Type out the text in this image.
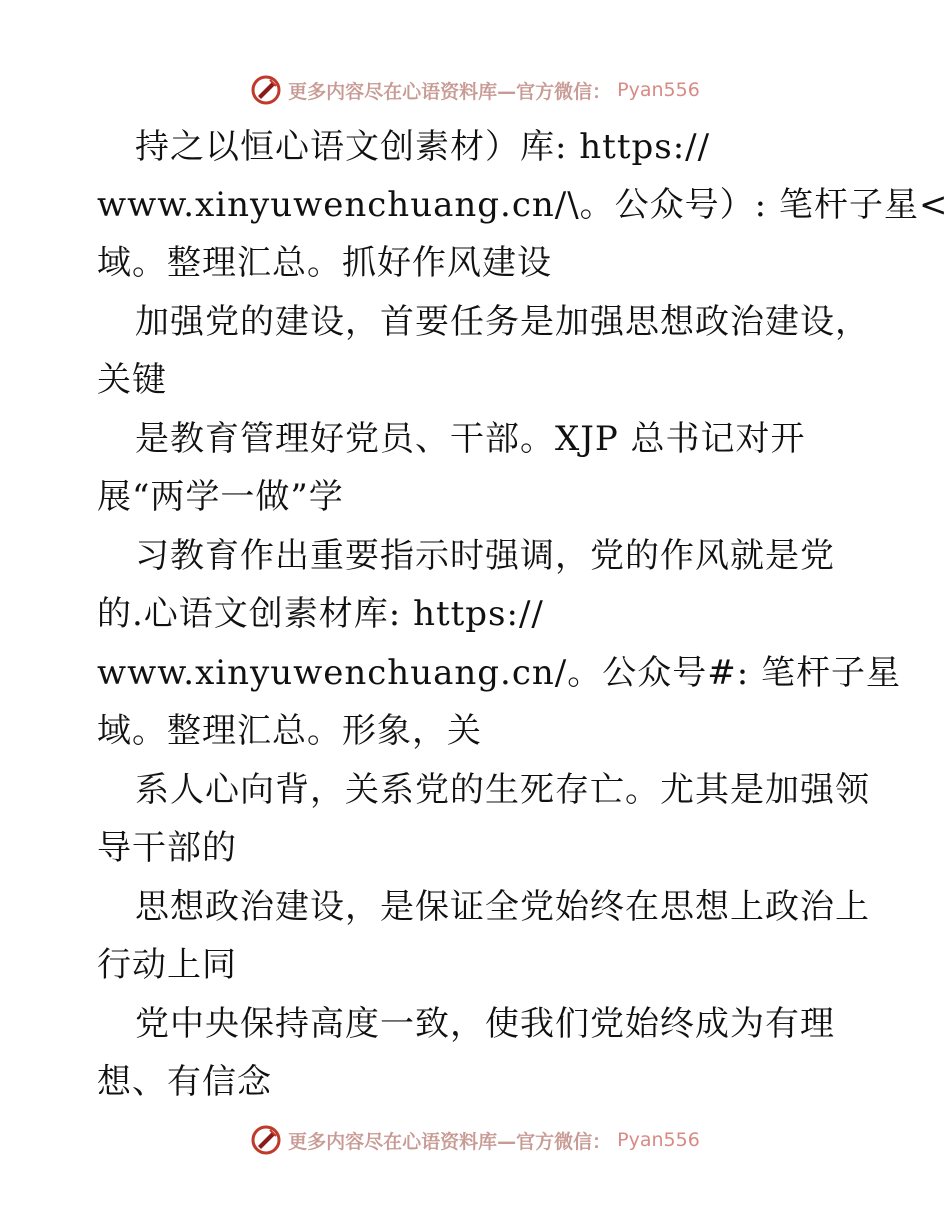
更多内容尽在心语资料库—官方微信： Pyan556
持之以恒心语文创素材）库: https://
www.xinyuwenchuang.cn/\。公众号）: 笔杆子星<
域。整理汇总。抓好作风建设
加强党的建设，首要任务是加强思想政治建设，
关键
是教育管理好党员、干部。XJP 总书记对开
展“两学一做”学
习教育作出重要指示时强调，党的作风就是党
的.心语文创素材库: https://
www.xinyuwenchuang.cn/。公众号#: 笔杆子星
域。整理汇总。形象，关
系人心向背，关系党的生死存亡。尤其是加强领
导干部的
思想政治建设，是保证全党始终在思想上政治上
行动上同
党中央保持高度一致，使我们党始终成为有理
想、有信念
更多内容尽在心语资料库—官方微信： Pyan556
